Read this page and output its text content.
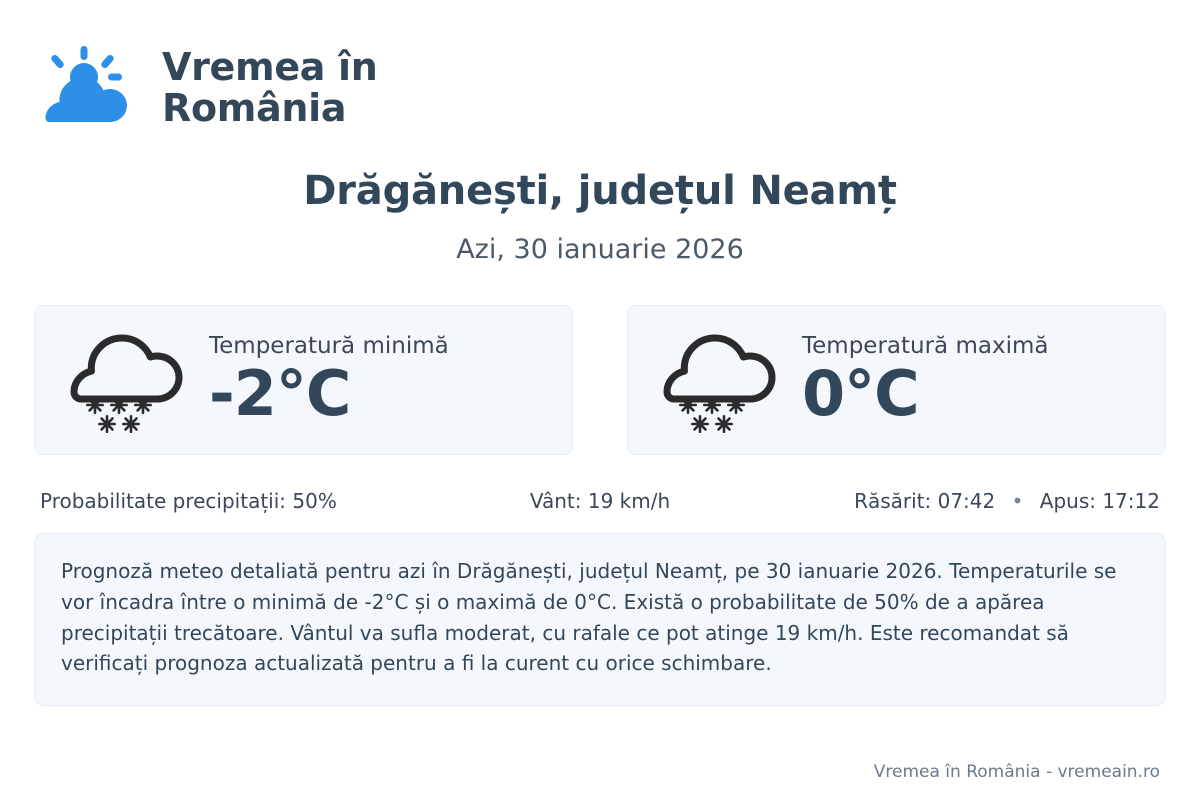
Vremea în
România
Drăgănești, județul Neamț
Azi, 30 ianuarie 2026
Temperatură minimă
-2°C
Temperatură maximă
0°C
Probabilitate precipitații: 50%	Vânt: 19 km/h	Răsărit: 07:42 • Apus: 17:12
Prognoză meteo detaliată pentru azi în Drăgănești, județul Neamț, pe 30 ianuarie 2026. Temperaturile se vor încadra între o minimă de -2°C și o maximă de 0°C. Există o probabilitate de 50% de a apărea precipitații trecătoare. Vântul va sufla moderat, cu rafale ce pot atinge 19 km/h. Este recomandat să verificați prognoza actualizată pentru a fi la curent cu orice schimbare.
Vremea în România - vremeain.ro
